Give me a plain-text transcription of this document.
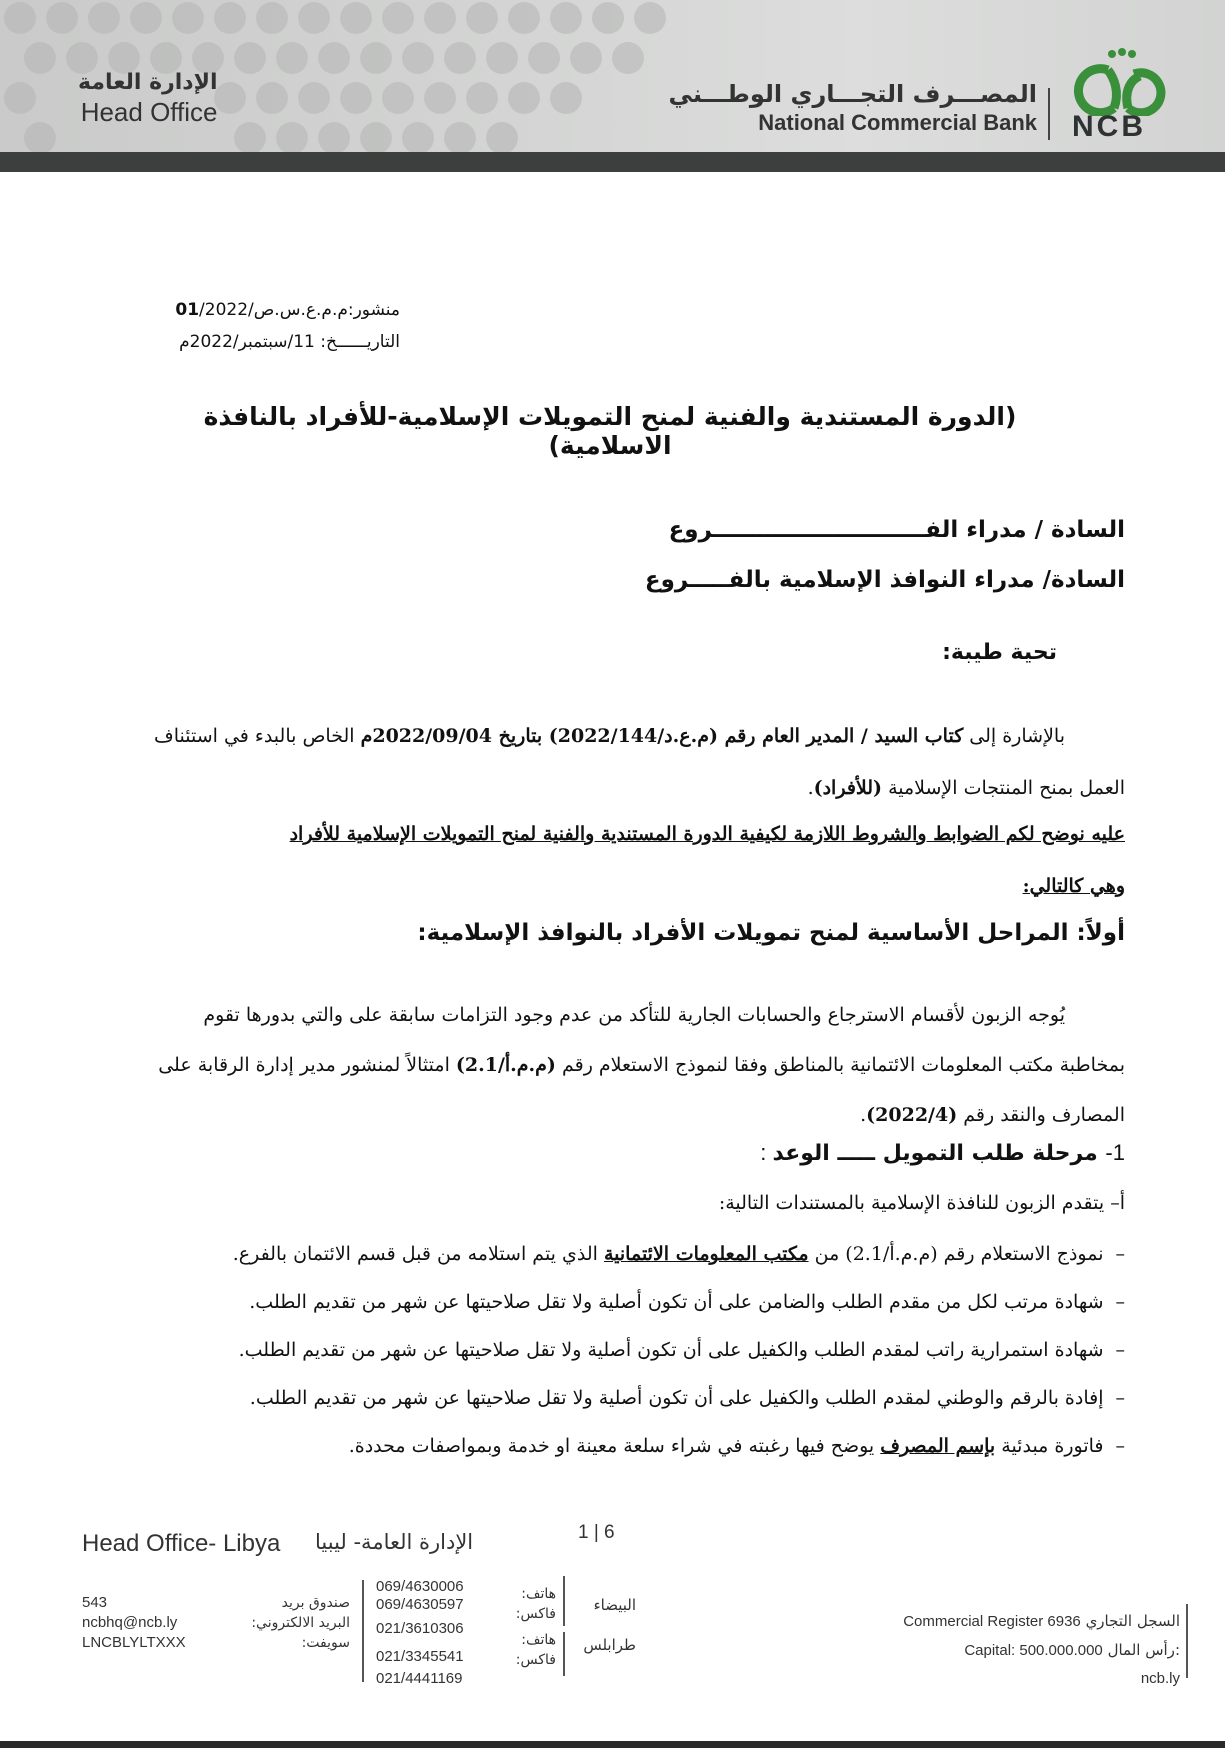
الإدارة العامة
Head Office
المصـــرف التجـــاري الوطـــني
National Commercial Bank NCB
منشور:م.م.ع.س.ص/01/2022
التاريــــــخ: 11/سبتمبر/2022م
(الدورة المستندية والفنية لمنح التمويلات الإسلامية-للأفراد بالنافذة الاسلامية)
السادة / مدراء الفـــــــــــــــــــــــــــروع
السادة/ مدراء النوافذ الإسلامية بالفـــــروع
تحية طيبة:
بالإشارة إلى كتاب السيد / المدير العام رقم (م.ع.د/2022/144) بتاريخ 2022/09/04م الخاص بالبدء في استئناف العمل بمنح المنتجات الإسلامية (للأفراد).
عليه نوضح لكم الضوابط والشروط اللازمة لكيفية الدورة المستندية والفنية لمنح التمويلات الإسلامية للأفراد
وهي كالتالي:
أولاً: المراحل الأساسية لمنح تمويلات الأفراد بالنوافذ الإسلامية:
يُوجه الزبون لأقسام الاسترجاع والحسابات الجارية للتأكد من عدم وجود التزامات سابقة على والتي بدورها تقوم بمخاطبة مكتب المعلومات الائتمانية بالمناطق وفقا لنموذج الاستعلام رقم (م.م.أ/2.1) امتثالاً لمنشور مدير إدارة الرقابة على المصارف والنقد رقم (2022/4).
1- مرحلة طلب التمويل ـــــ الوعد :
أ– يتقدم الزبون للنافذة الإسلامية بالمستندات التالية:
–نموذج الاستعلام رقم (م.م.أ/2.1) من مكتب المعلومات الائتمانية الذي يتم استلامه من قبل قسم الائتمان بالفرع.
–شهادة مرتب لكل من مقدم الطلب والضامن على أن تكون أصلية ولا تقل صلاحيتها عن شهر من تقديم الطلب.
–شهادة استمرارية راتب لمقدم الطلب والكفيل على أن تكون أصلية ولا تقل صلاحيتها عن شهر من تقديم الطلب.
–إفادة بالرقم والوطني لمقدم الطلب والكفيل على أن تكون أصلية ولا تقل صلاحيتها عن شهر من تقديم الطلب.
–فاتورة مبدئية بإسم المصرف يوضح فيها رغبته في شراء سلعة معينة او خدمة وبمواصفات محددة.
Head Office- Libya الإدارة العامة- ليبيا	1 | 6
543
ncbhq@ncb.ly
LNCBLYLTXXX
صندوق بريد
البريد الالكتروني:
سويفت:
069/4630006
069/4630597
021/3610306
021/3345541
021/4441169
هاتف:
فاكس:
هاتف:
فاكس:
البيضاء
طرابلس
Commercial Register 6936 السجل التجاري
Capital: 500.000.000 رأس المال:
ncb.ly
